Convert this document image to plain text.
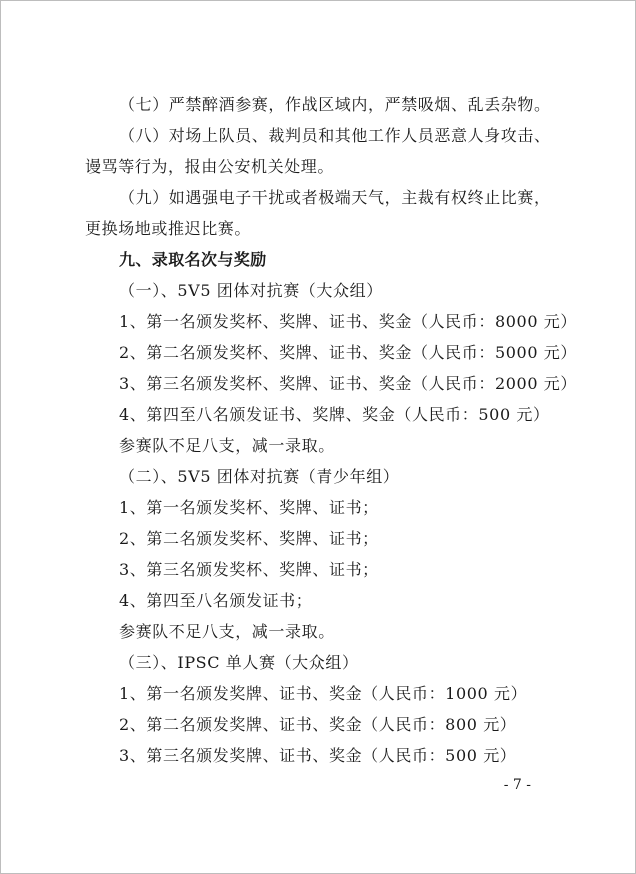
（七）严禁醉酒参赛，作战区域内，严禁吸烟、乱丢杂物。
（八）对场上队员、裁判员和其他工作人员恶意人身攻击、
谩骂等行为，报由公安机关处理。
（九）如遇强电子干扰或者极端天气，主裁有权终止比赛，
更换场地或推迟比赛。
九、录取名次与奖励
（一）、5V5 团体对抗赛（大众组）
1、第一名颁发奖杯、奖牌、证书、奖金（人民币：8000 元）
2、第二名颁发奖杯、奖牌、证书、奖金（人民币：5000 元）
3、第三名颁发奖杯、奖牌、证书、奖金（人民币：2000 元）
4、第四至八名颁发证书、奖牌、奖金（人民币：500 元）
参赛队不足八支，减一录取。
（二）、5V5 团体对抗赛（青少年组）
1、第一名颁发奖杯、奖牌、证书；
2、第二名颁发奖杯、奖牌、证书；
3、第三名颁发奖杯、奖牌、证书；
4、第四至八名颁发证书；
参赛队不足八支，减一录取。
（三）、IPSC 单人赛（大众组）
1、第一名颁发奖牌、证书、奖金（人民币：1000 元）
2、第二名颁发奖牌、证书、奖金（人民币：800 元）
3、第三名颁发奖牌、证书、奖金（人民币：500 元）
- 7 -
